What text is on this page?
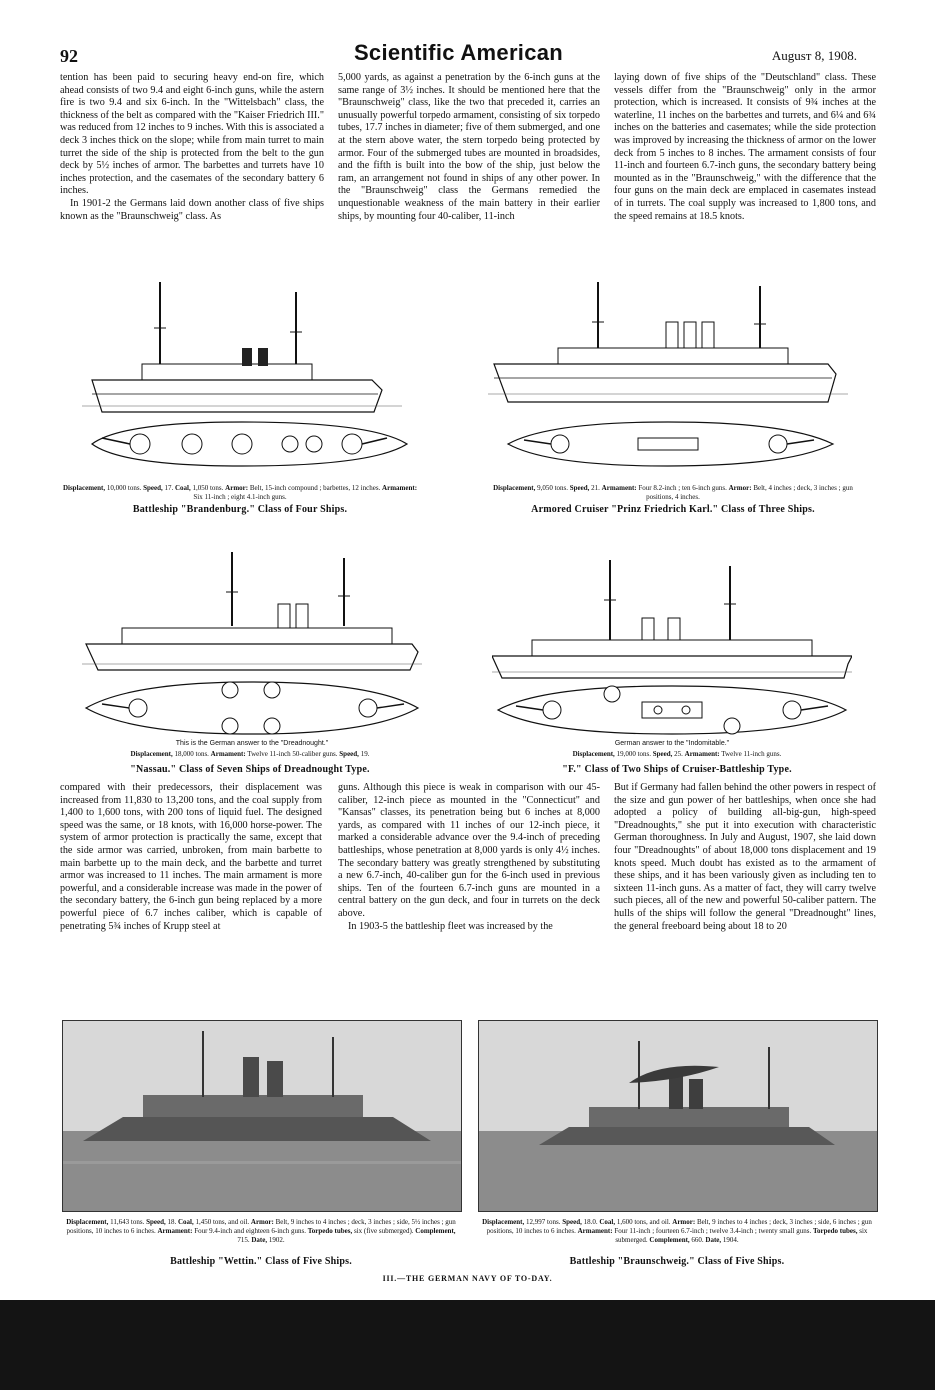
92	Scientific American	Augusт 8, 1908.

tention has been paid to securing heavy end-on fire, which ahead consists of two 9.4 and eight 6-inch guns, while the astern fire is two 9.4 and six 6-inch. In the "Wittelsbach" class, the thickness of the belt as compared with the "Kaiser Friedrich III." was reduced from 12 inches to 9 inches. With this is associated a deck 3 inches thick on the slope; while from main turret to main turret the side of the ship is protected from the belt to the gun deck by 5½ inches of armor. The barbettes and turrets have 10 inches protection, and the casemates of the secondary battery 6 inches.

In 1901-2 the Germans laid down another class of five ships known as the "Braunschweig" class. As

5,000 yards, as against a penetration by the 6-inch guns at the same range of 3½ inches. It should be mentioned here that the "Braunschweig" class, like the two that preceded it, carries an unusually powerful torpedo armament, consisting of six torpedo tubes, 17.7 inches in diameter; five of them submerged, and one at the stern above water, the stern torpedo being protected by armor. Four of the submerged tubes are mounted in broadsides, and the fifth is built into the bow of the ship, just below the ram, an arrangement not found in ships of any other power. In the "Braunschweig" class the Germans remedied the unquestionable weakness of the main battery in their earlier ships, by mounting four 40-caliber, 11-inch

laying down of five ships of the "Deutschland" class. These vessels differ from the "Braunschweig" only in the armor protection, which is increased. It consists of 9¾ inches at the waterline, 11 inches on the barbettes and turrets, and 6¼ and 6¾ inches on the batteries and casemates; while the side protection was improved by increasing the thickness of armor on the lower deck from 5 inches to 8 inches. The armament consists of four 11-inch and fourteen 6.7-inch guns, the secondary battery being mounted as in the "Braunschweig," with the difference that the four guns on the main deck are emplaced in casemates instead of in turrets. The coal supply was increased to 1,800 tons, and the speed remains at 18.5 knots.

Displacement, 10,000 tons. Speed, 17. Coal, 1,050 tons. Armor: Belt, 15-inch compound ; barbettes, 12 inches. Armament: Six 11-inch ; eight 4.1-inch guns.
Battleship "Brandenburg." Class of Four Ships.
Displacement, 9,050 tons. Speed, 21. Armament: Four 8.2-inch ; ten 6-inch guns. Armor: Belt, 4 inches ; deck, 3 inches ; gun positions, 4 inches.
Armored Cruiser "Prinz Friedrich Karl." Class of Three Ships.
This is the German answer to the "Dreadnought."
Displacement, 18,000 tons. Armament: Twelve 11-inch 50-caliber guns. Speed, 19.
"Nassau." Class of Seven Ships of Dreadnought Type.
German answer to the "Indomitable."
Displacement, 19,000 tons. Speed, 25. Armament: Twelve 11-inch guns.
"F." Class of Two Ships of Cruiser-Battleship Type.

compared with their predecessors, their displacement was increased from 11,830 to 13,200 tons, and the coal supply from 1,400 to 1,600 tons, with 200 tons of liquid fuel. The designed speed was the same, or 18 knots, with 16,000 horse-power. The system of armor protection is practically the same, except that the side armor was carried, unbroken, from main barbette to main barbette up to the main deck, and the barbette and turret armor was increased to 11 inches. The main armament is more powerful, and a considerable increase was made in the power of the secondary battery, the 6-inch gun being replaced by a more powerful piece of 6.7 inches caliber, which is capable of penetrating 5¾ inches of Krupp steel at

guns. Although this piece is weak in comparison with our 45-caliber, 12-inch piece as mounted in the "Connecticut" and "Kansas" classes, its penetration being but 6 inches at 8,000 yards, as compared with 11 inches of our 12-inch piece, it marked a considerable advance over the 9.4-inch of preceding battleships, whose penetration at 8,000 yards is only 4½ inches. The secondary battery was greatly strengthened by substituting a new 6.7-inch, 40-caliber gun for the 6-inch used in previous ships. Ten of the fourteen 6.7-inch guns are mounted in a central battery on the gun deck, and four in turrets on the deck above.

In 1903-5 the battleship fleet was increased by the

But if Germany had fallen behind the other powers in respect of the size and gun power of her battleships, when once she had adopted a policy of building all-big-gun, high-speed "Dreadnoughts," she put it into execution with characteristic German thoroughness. In July and August, 1907, she laid down four "Dreadnoughts" of about 18,000 tons displacement and 19 knots speed. Much doubt has existed as to the armament of these ships, and it has been variously given as including ten to sixteen 11-inch guns. As a matter of fact, they will carry twelve such pieces, all of the new and powerful 50-caliber pattern. The hulls of the ships will follow the general "Dreadnought" lines, the general freeboard being about 18 to 20

Displacement, 11,643 tons. Speed, 18. Coal, 1,450 tons, and oil. Armor: Belt, 9 inches to 4 inches ; deck, 3 inches ; side, 5½ inches ; gun positions, 10 inches to 6 inches. Armament: Four 9.4-inch and eighteen 6-inch guns. Torpedo tubes, six (five submerged). Complement, 715. Date, 1902.
Battleship "Wettin." Class of Five Ships.
Displacement, 12,997 tons. Speed, 18.0. Coal, 1,600 tons, and oil. Armor: Belt, 9 inches to 4 inches ; deck, 3 inches ; side, 6 inches ; gun positions, 10 inches to 6 inches. Armament: Four 11-inch ; fourteen 6.7-inch ; twelve 3.4-inch ; twenty small guns. Torpedo tubes, six submerged. Complement, 660. Date, 1904.
Battleship "Braunschweig." Class of Five Ships.
III.—THE GERMAN NAVY OF TO-DAY.
